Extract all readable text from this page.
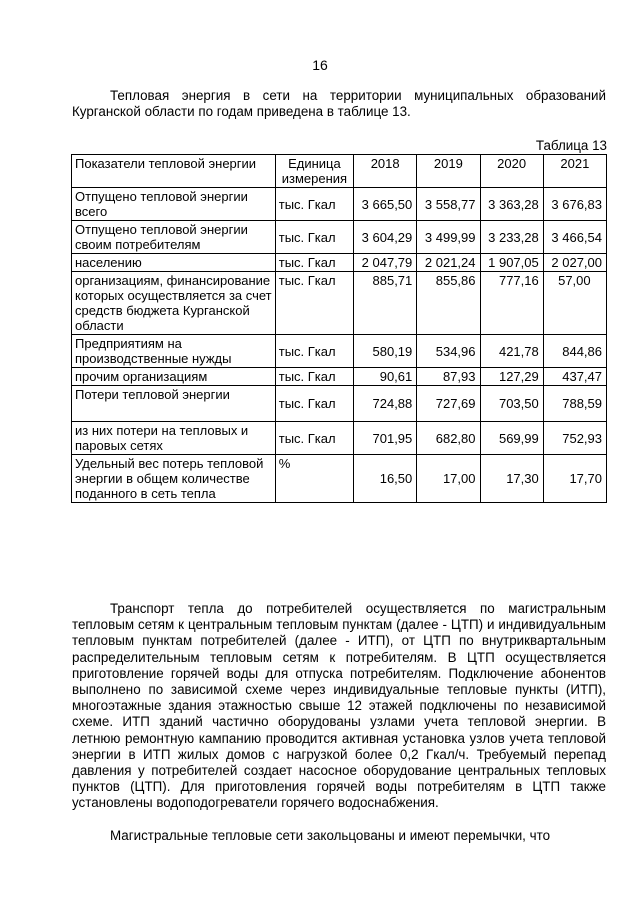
16

Тепловая энергия в сети на территории муниципальных образований Курганской области по годам приведена в таблице 13.

Таблица 13
Показатели тепловой энергии	Единица измерения	2018	2019	2020	2021
Отпущено тепловой энергии всего	тыс. Гкал	3 665,50	3 558,77	3 363,28	3 676,83
Отпущено тепловой энергии своим потребителям	тыс. Гкал	3 604,29	3 499,99	3 233,28	3 466,54
населению	тыс. Гкал	2 047,79	2 021,24	1 907,05	2 027,00
организациям, финансирование которых осуществляется за счет средств бюджета Курганской области	тыс. Гкал	885,71	855,86	777,16	57,00
Предприятиям на производственные нужды	тыс. Гкал	580,19	534,96	421,78	844,86
прочим организациям	тыс. Гкал	90,61	87,93	127,29	437,47
Потери тепловой энергии	тыс. Гкал	724,88	727,69	703,50	788,59
из них потери на тепловых и паровых сетях	тыс. Гкал	701,95	682,80	569,99	752,93
Удельный вес потерь тепловой энергии в общем количестве поданного в сеть тепла	%	16,50	17,00	17,30	17,70

Транспорт тепла до потребителей осуществляется по магистральным тепловым сетям к центральным тепловым пунктам (далее - ЦТП) и индивидуальным тепловым пунктам потребителей (далее - ИТП), от ЦТП по внутриквартальным распределительным тепловым сетям к потребителям. В ЦТП осуществляется приготовление горячей воды для отпуска потребителям. Подключение абонентов выполнено по зависимой схеме через индивидуальные тепловые пункты (ИТП), многоэтажные здания этажностью свыше 12 этажей подключены по независимой схеме. ИТП зданий частично оборудованы узлами учета тепловой энергии. В летнюю ремонтную кампанию проводится активная установка узлов учета тепловой энергии в ИТП жилых домов с нагрузкой более 0,2 Гкал/ч. Требуемый перепад давления у потребителей создает насосное оборудование центральных тепловых пунктов (ЦТП). Для приготовления горячей воды потребителям в ЦТП также установлены водоподогреватели горячего водоснабжения.

Магистральные тепловые сети закольцованы и имеют перемычки, что
